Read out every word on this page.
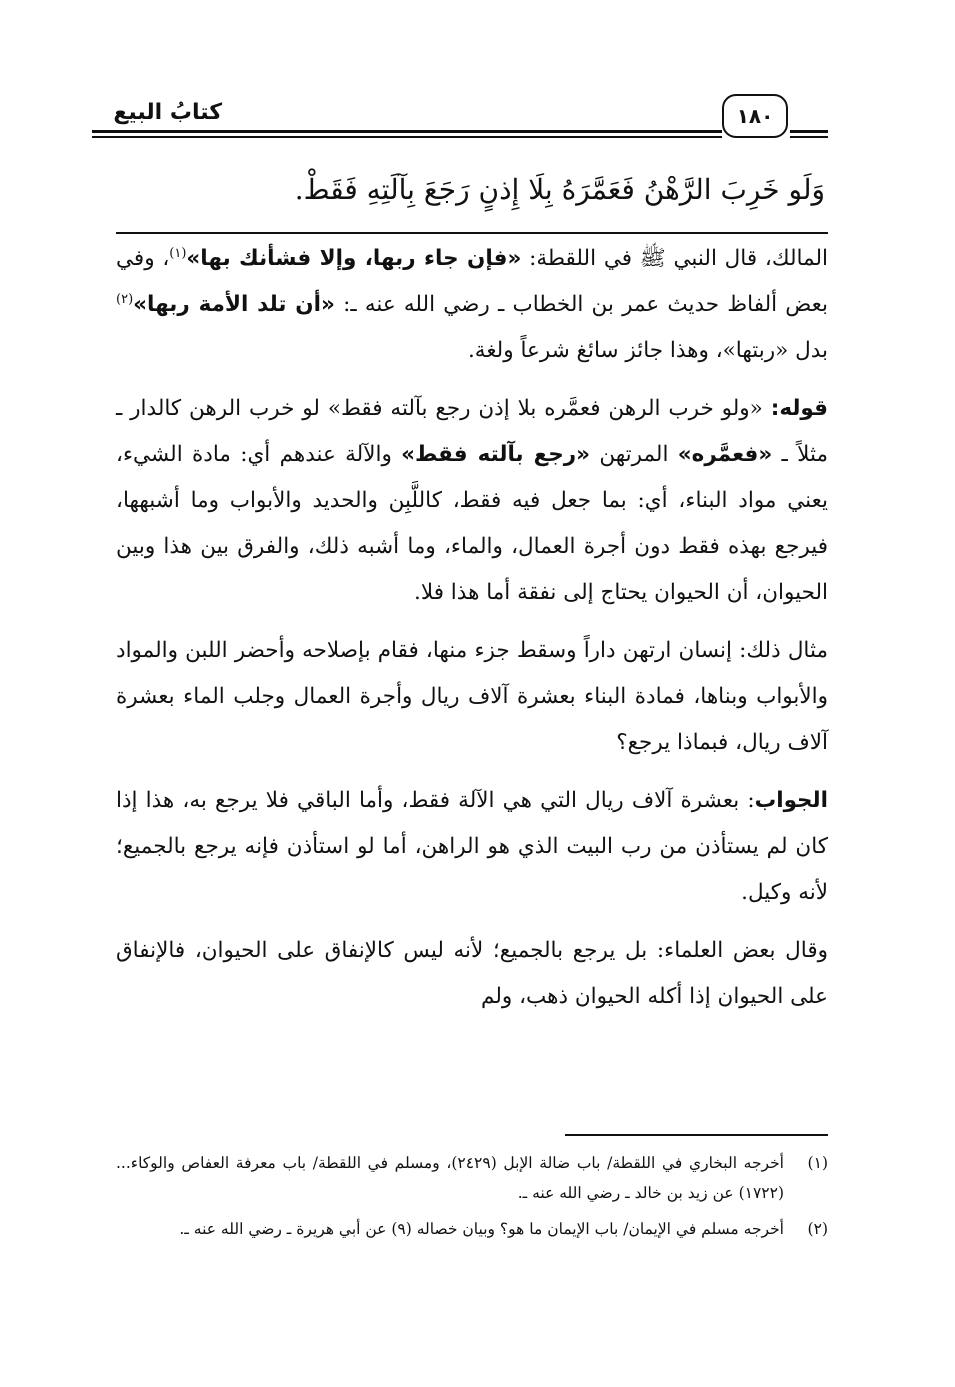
كتابُ البيع	١٨٠
وَلَو خَرِبَ الرَّهْنُ فَعَمَّرَهُ بِلَا إِذنٍ رَجَعَ بِآلَتِهِ فَقَطْ.

المالك، قال النبي ﷺ في اللقطة: «فإن جاء ربها، وإلا فشأنك بها»$^{(١)}$، وفي بعض ألفاظ حديث عمر بن الخطاب ـ رضي الله عنه ـ: «أن تلد الأمة ربها»$^{(٢)}$ بدل «ربتها»، وهذا جائز سائغ شرعاً ولغة.

قوله: «ولو خرب الرهن فعمَّره بلا إذن رجع بآلته فقط» لو خرب الرهن كالدار ـ مثلاً ـ «فعمَّره» المرتهن «رجع بآلته فقط» والآلة عندهم أي: مادة الشيء، يعني مواد البناء، أي: بما جعل فيه فقط، كاللَّبِن والحديد والأبواب وما أشبهها، فيرجع بهذه فقط دون أجرة العمال، والماء، وما أشبه ذلك، والفرق بين هذا وبين الحيوان، أن الحيوان يحتاج إلى نفقة أما هذا فلا.

مثال ذلك: إنسان ارتهن داراً وسقط جزء منها، فقام بإصلاحه وأحضر اللبن والمواد والأبواب وبناها، فمادة البناء بعشرة آلاف ريال وأجرة العمال وجلب الماء بعشرة آلاف ريال، فبماذا يرجع؟

الجواب: بعشرة آلاف ريال التي هي الآلة فقط، وأما الباقي فلا يرجع به، هذا إذا كان لم يستأذن من رب البيت الذي هو الراهن، أما لو استأذن فإنه يرجع بالجميع؛ لأنه وكيل.

وقال بعض العلماء: بل يرجع بالجميع؛ لأنه ليس كالإنفاق على الحيوان، فالإنفاق على الحيوان إذا أكله الحيوان ذهب، ولم

(١)
أخرجه البخاري في اللقطة/ باب ضالة الإبل (٢٤٢٩)، ومسلم في اللقطة/ باب معرفة العفاص والوكاء... (١٧٢٢) عن زيد بن خالد ـ رضي الله عنه ـ.
(٢)
أخرجه مسلم في الإيمان/ باب الإيمان ما هو؟ وبيان خصاله (٩) عن أبي هريرة ـ رضي الله عنه ـ.
